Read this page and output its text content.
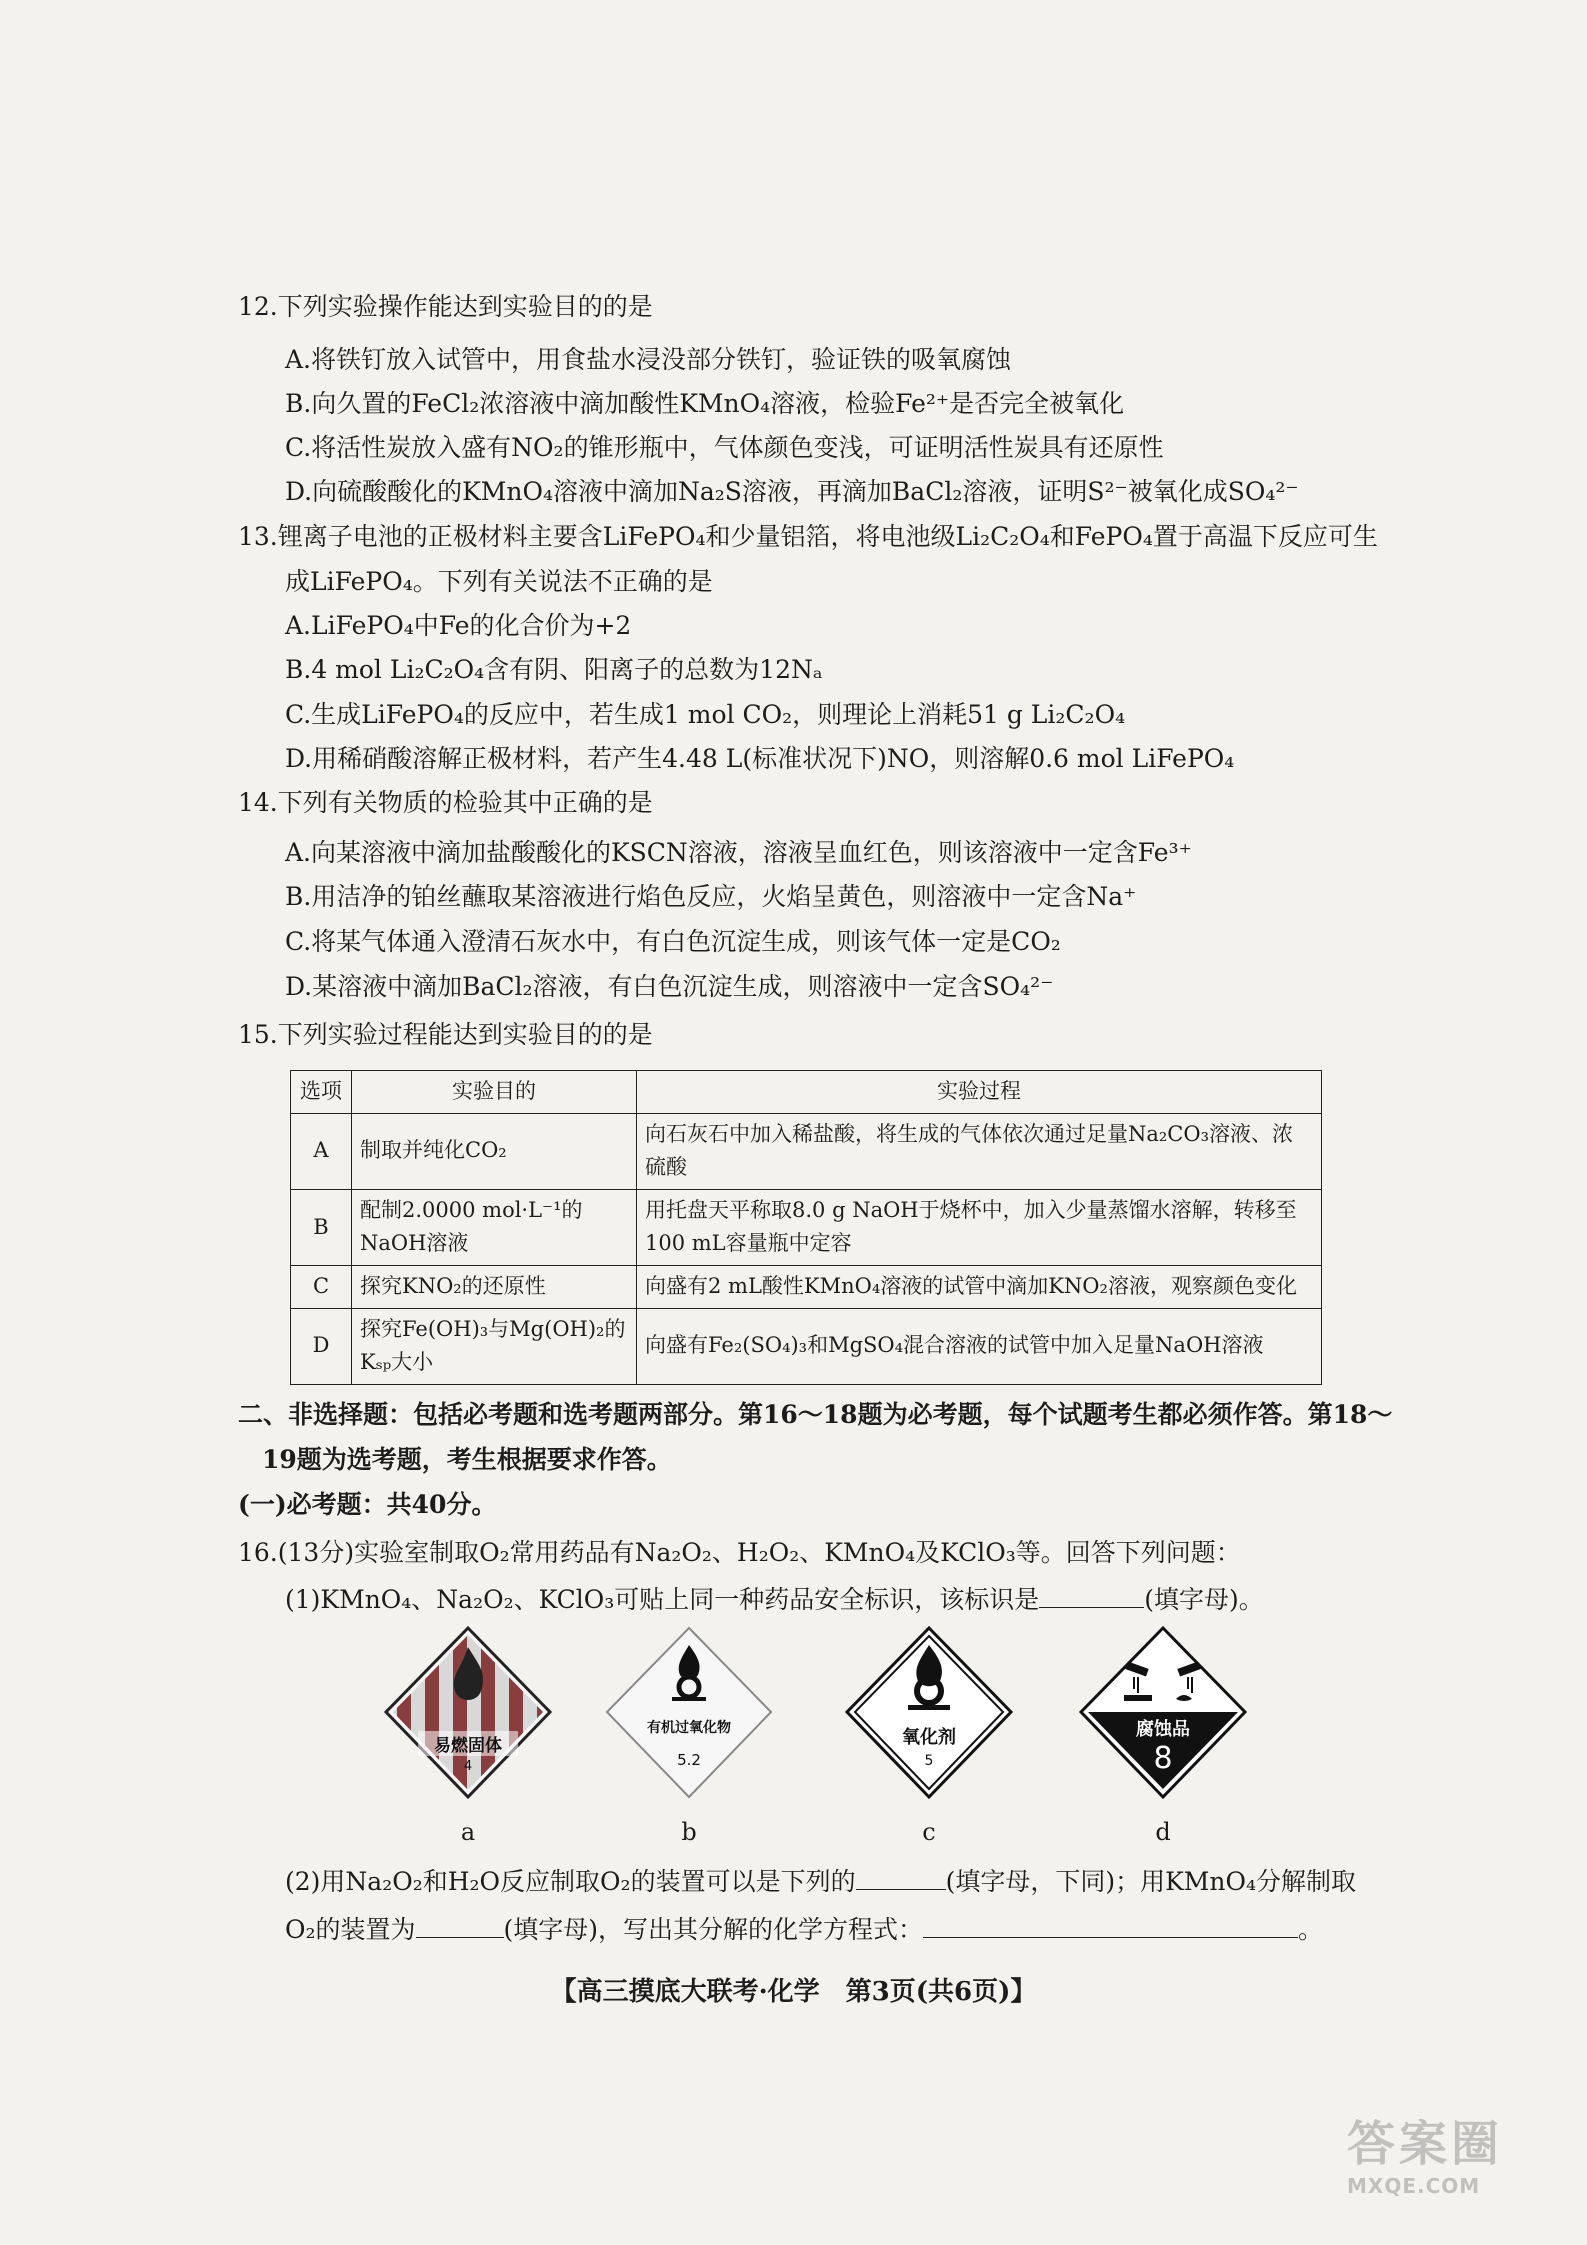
12.下列实验操作能达到实验目的的是
A.将铁钉放入试管中，用食盐水浸没部分铁钉，验证铁的吸氧腐蚀
B.向久置的FeCl₂浓溶液中滴加酸性KMnO₄溶液，检验Fe²⁺是否完全被氧化
C.将活性炭放入盛有NO₂的锥形瓶中，气体颜色变浅，可证明活性炭具有还原性
D.向硫酸酸化的KMnO₄溶液中滴加Na₂S溶液，再滴加BaCl₂溶液，证明S²⁻被氧化成SO₄²⁻
13.锂离子电池的正极材料主要含LiFePO₄和少量铝箔，将电池级Li₂C₂O₄和FePO₄置于高温下反应可生
成LiFePO₄。下列有关说法不正确的是
A.LiFePO₄中Fe的化合价为+2
B.4 mol Li₂C₂O₄含有阴、阳离子的总数为12Nₐ
C.生成LiFePO₄的反应中，若生成1 mol CO₂，则理论上消耗51 g Li₂C₂O₄
D.用稀硝酸溶解正极材料，若产生4.48 L(标准状况下)NO，则溶解0.6 mol LiFePO₄
14.下列有关物质的检验其中正确的是
A.向某溶液中滴加盐酸酸化的KSCN溶液，溶液呈血红色，则该溶液中一定含Fe³⁺
B.用洁净的铂丝蘸取某溶液进行焰色反应，火焰呈黄色，则溶液中一定含Na⁺
C.将某气体通入澄清石灰水中，有白色沉淀生成，则该气体一定是CO₂
D.某溶液中滴加BaCl₂溶液，有白色沉淀生成，则溶液中一定含SO₄²⁻
15.下列实验过程能达到实验目的的是
选项	实验目的	实验过程
A	制取并纯化CO₂	向石灰石中加入稀盐酸，将生成的气体依次通过足量Na₂CO₃溶液、浓硫酸
B	配制2.0000 mol·L⁻¹的NaOH溶液	用托盘天平称取8.0 g NaOH于烧杯中，加入少量蒸馏水溶解，转移至100 mL容量瓶中定容
C	探究KNO₂的还原性	向盛有2 mL酸性KMnO₄溶液的试管中滴加KNO₂溶液，观察颜色变化
D	探究Fe(OH)₃与Mg(OH)₂的Kₛₚ大小	向盛有Fe₂(SO₄)₃和MgSO₄混合溶液的试管中加入足量NaOH溶液
二、非选择题：包括必考题和选考题两部分。第16～18题为必考题，每个试题考生都必须作答。第18～
19题为选考题，考生根据要求作答。
(一)必考题：共40分。
16.(13分)实验室制取O₂常用药品有Na₂O₂、H₂O₂、KMnO₄及KClO₃等。回答下列问题：
(1)KMnO₄、Na₂O₂、KClO₃可贴上同一种药品安全标识，该标识是	(填字母)。
易燃固体
4
有机过氧化物
5.2
氧化剂
5
腐蚀品
8
a	b	c	d
(2)用Na₂O₂和H₂O反应制取O₂的装置可以是下列的	(填字母，下同)；用KMnO₄分解制取
O₂的装置为	(填字母)，写出其分解的化学方程式：	。
【高三摸底大联考·化学　第3页(共6页)】
答案圈
MXQE.COM
